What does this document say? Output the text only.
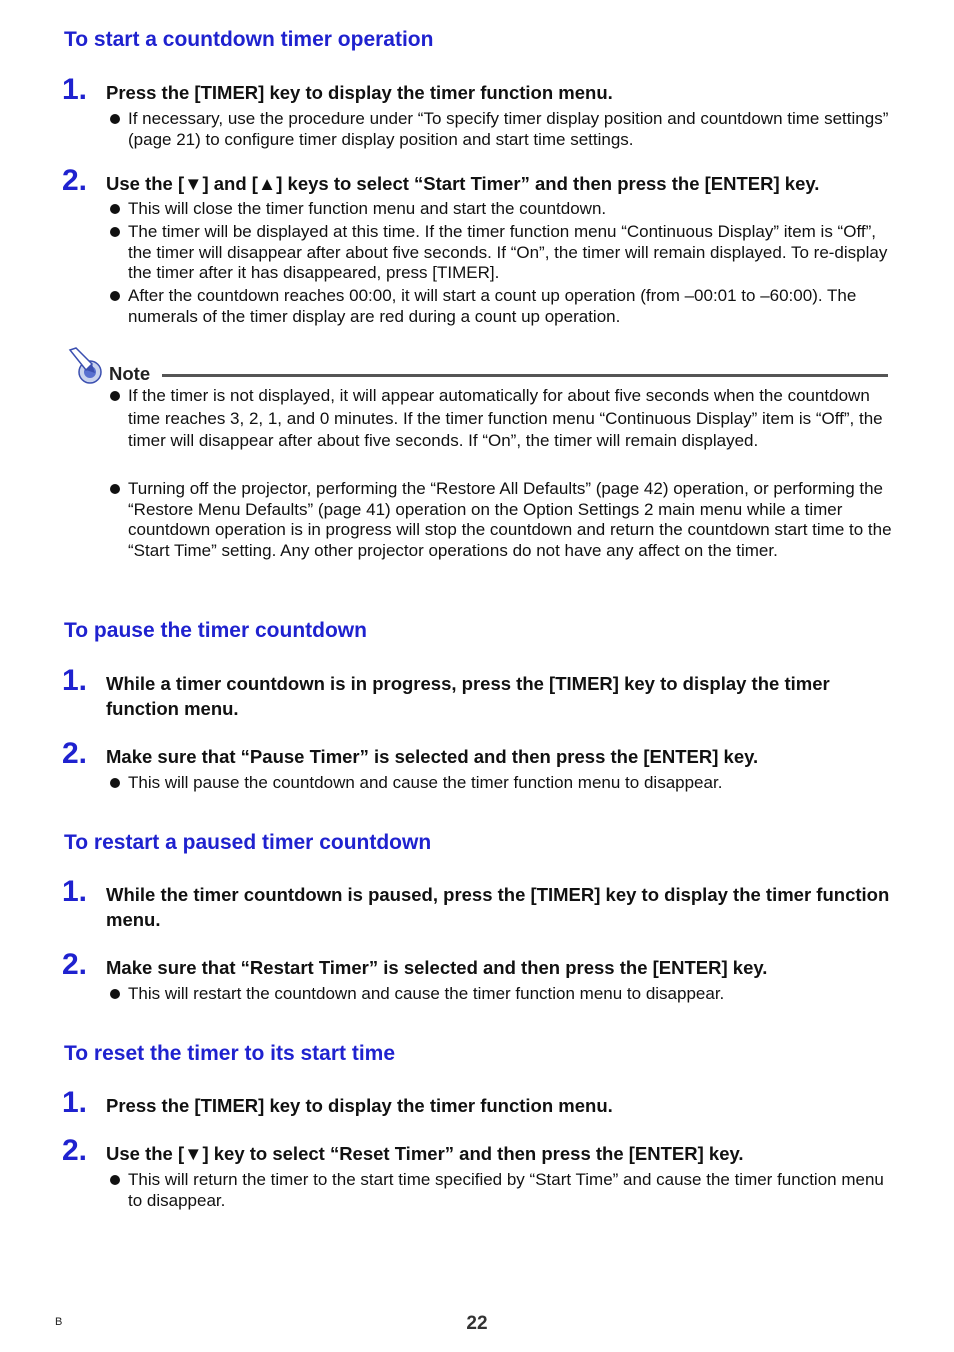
To start a countdown timer operation
1. Press the [TIMER] key to display the timer function menu.
If necessary, use the procedure under “To specify timer display position and countdown time settings” (page 21) to configure timer display position and start time settings.
2. Use the [▼] and [▲] keys to select “Start Timer” and then press the [ENTER] key.
This will close the timer function menu and start the countdown.
The timer will be displayed at this time. If the timer function menu “Continuous Display” item is “Off”, the timer will disappear after about five seconds. If “On”, the timer will remain displayed. To re-display the timer after it has disappeared, press [TIMER].
After the countdown reaches 00:00, it will start a count up operation (from –00:01 to –60:00). The numerals of the timer display are red during a count up operation.
Note
If the timer is not displayed, it will appear automatically for about five seconds when the countdown time reaches 3, 2, 1, and 0 minutes. If the timer function menu “Continuous Display” item is “Off”, the timer will disappear after about five seconds. If “On”, the timer will remain displayed.
Turning off the projector, performing the “Restore All Defaults” (page 42) operation, or performing the “Restore Menu Defaults” (page 41) operation on the Option Settings 2 main menu while a timer countdown operation is in progress will stop the countdown and return the countdown start time to the “Start Time” setting. Any other projector operations do not have any affect on the timer.
To pause the timer countdown
1. While a timer countdown is in progress, press the [TIMER] key to display the timer function menu.
2. Make sure that “Pause Timer” is selected and then press the [ENTER] key.
This will pause the countdown and cause the timer function menu to disappear.
To restart a paused timer countdown
1. While the timer countdown is paused, press the [TIMER] key to display the timer function menu.
2. Make sure that “Restart Timer” is selected and then press the [ENTER] key.
This will restart the countdown and cause the timer function menu to disappear.
To reset the timer to its start time
1. Press the [TIMER] key to display the timer function menu.
2. Use the [▼] key to select “Reset Timer” and then press the [ENTER] key.
This will return the timer to the start time specified by “Start Time” and cause the timer function menu to disappear.
B	22
